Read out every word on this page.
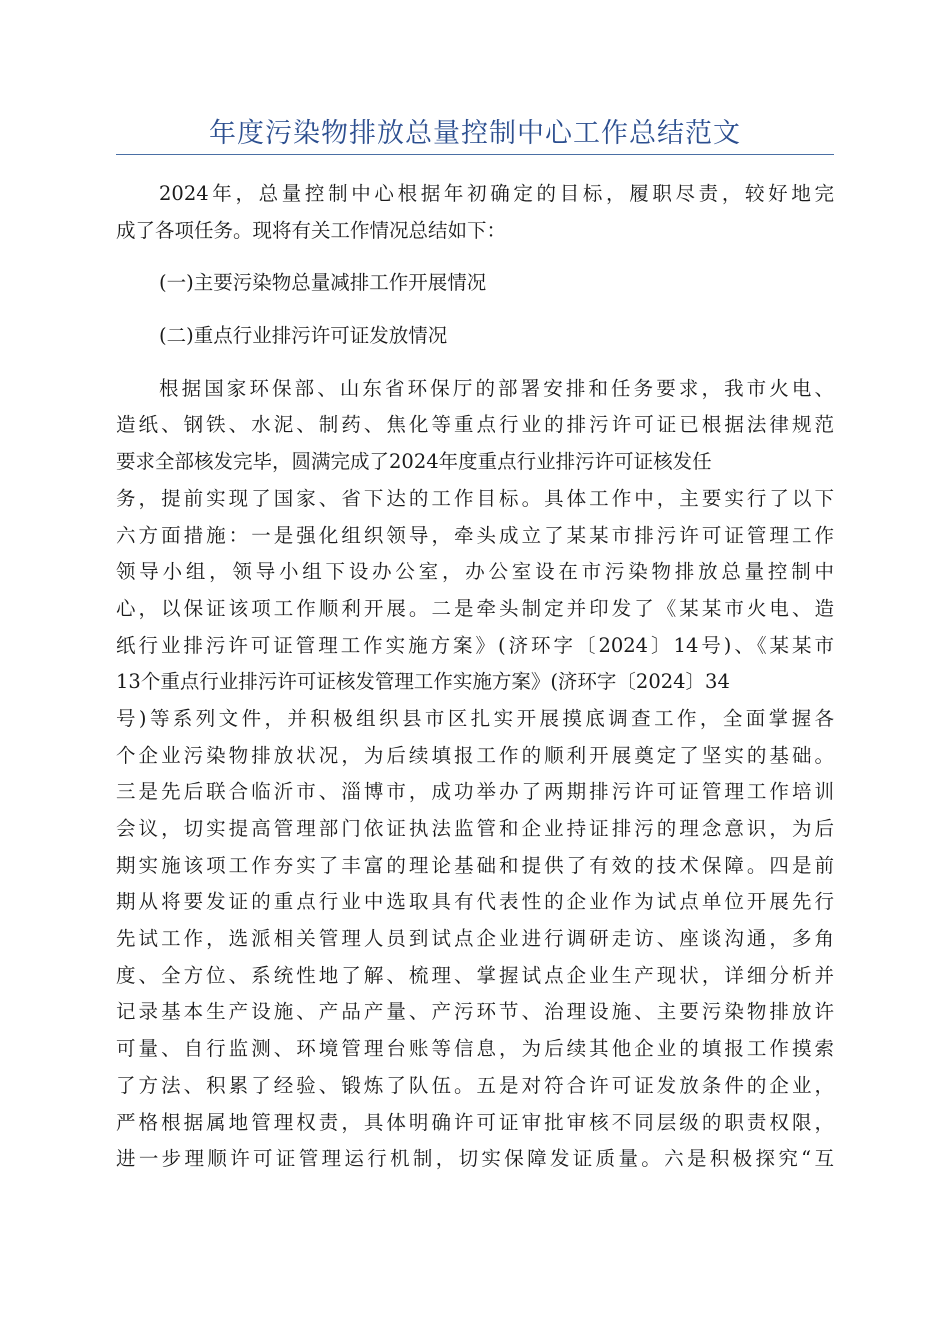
年度污染物排放总量控制中心工作总结范文
2024年，总量控制中心根据年初确定的目标，履职尽责，较好地完
成了各项任务。现将有关工作情况总结如下：
(一)主要污染物总量减排工作开展情况
(二)重点行业排污许可证发放情况
根据国家环保部、山东省环保厅的部署安排和任务要求，我市火电、
造纸、钢铁、水泥、制药、焦化等重点行业的排污许可证已根据法律规范
要求全部核发完毕，圆满完成了2024年度重点行业排污许可证核发任
务，提前实现了国家、省下达的工作目标。具体工作中，主要实行了以下
六方面措施：一是强化组织领导，牵头成立了某某市排污许可证管理工作
领导小组，领导小组下设办公室，办公室设在市污染物排放总量控制中
心，以保证该项工作顺利开展。二是牵头制定并印发了《某某市火电、造
纸行业排污许可证管理工作实施方案》(济环字〔2024〕14号)、《某某市
13个重点行业排污许可证核发管理工作实施方案》(济环字〔2024〕34
号)等系列文件，并积极组织县市区扎实开展摸底调查工作，全面掌握各
个企业污染物排放状况，为后续填报工作的顺利开展奠定了坚实的基础。
三是先后联合临沂市、淄博市，成功举办了两期排污许可证管理工作培训
会议，切实提高管理部门依证执法监管和企业持证排污的理念意识，为后
期实施该项工作夯实了丰富的理论基础和提供了有效的技术保障。四是前
期从将要发证的重点行业中选取具有代表性的企业作为试点单位开展先行
先试工作，选派相关管理人员到试点企业进行调研走访、座谈沟通，多角
度、全方位、系统性地了解、梳理、掌握试点企业生产现状，详细分析并
记录基本生产设施、产品产量、产污环节、治理设施、主要污染物排放许
可量、自行监测、环境管理台账等信息，为后续其他企业的填报工作摸索
了方法、积累了经验、锻炼了队伍。五是对符合许可证发放条件的企业，
严格根据属地管理权责，具体明确许可证审批审核不同层级的职责权限，
进一步理顺许可证管理运行机制，切实保障发证质量。六是积极探究“互
